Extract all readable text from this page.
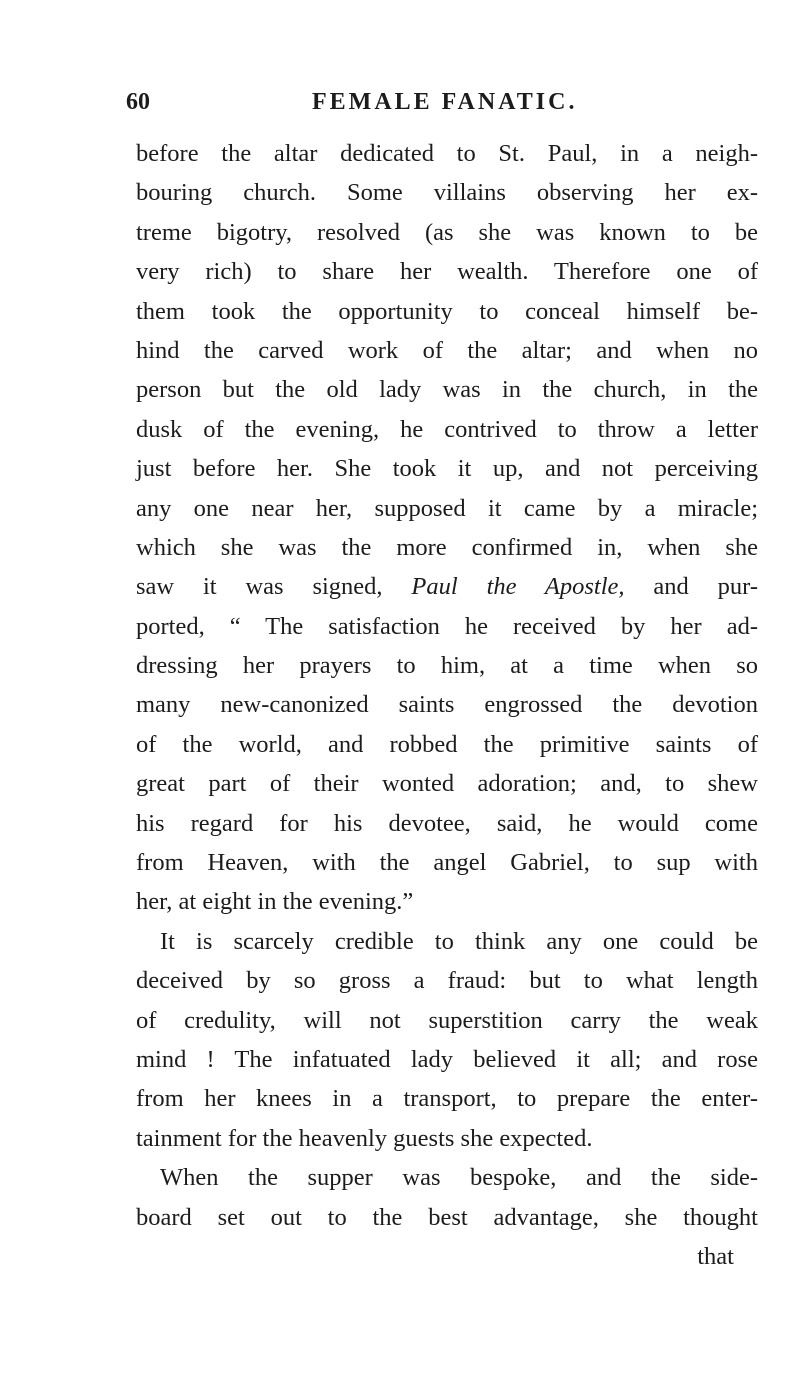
60	FEMALE FANATIC.
before the altar dedicated to St. Paul, in a neigh-
bouring church. Some villains observing her ex-
treme bigotry, resolved (as she was known to be
very rich) to share her wealth. Therefore one of
them took the opportunity to conceal himself be-
hind the carved work of the altar; and when no
person but the old lady was in the church, in the
dusk of the evening, he contrived to throw a letter
just before her. She took it up, and not perceiving
any one near her, supposed it came by a miracle;
which she was the more confirmed in, when she
saw it was signed, Paul the Apostle, and pur-
ported, “ The satisfaction he received by her ad-
dressing her prayers to him, at a time when so
many new-canonized saints engrossed the devotion
of the world, and robbed the primitive saints of
great part of their wonted adoration; and, to shew
his regard for his devotee, said, he would come
from Heaven, with the angel Gabriel, to sup with
her, at eight in the evening.”
It is scarcely credible to think any one could be
deceived by so gross a fraud: but to what length
of credulity, will not superstition carry the weak
mind ! The infatuated lady believed it all; and rose
from her knees in a transport, to prepare the enter-
tainment for the heavenly guests she expected.
When the supper was bespoke, and the side-
board set out to the best advantage, she thought
that
